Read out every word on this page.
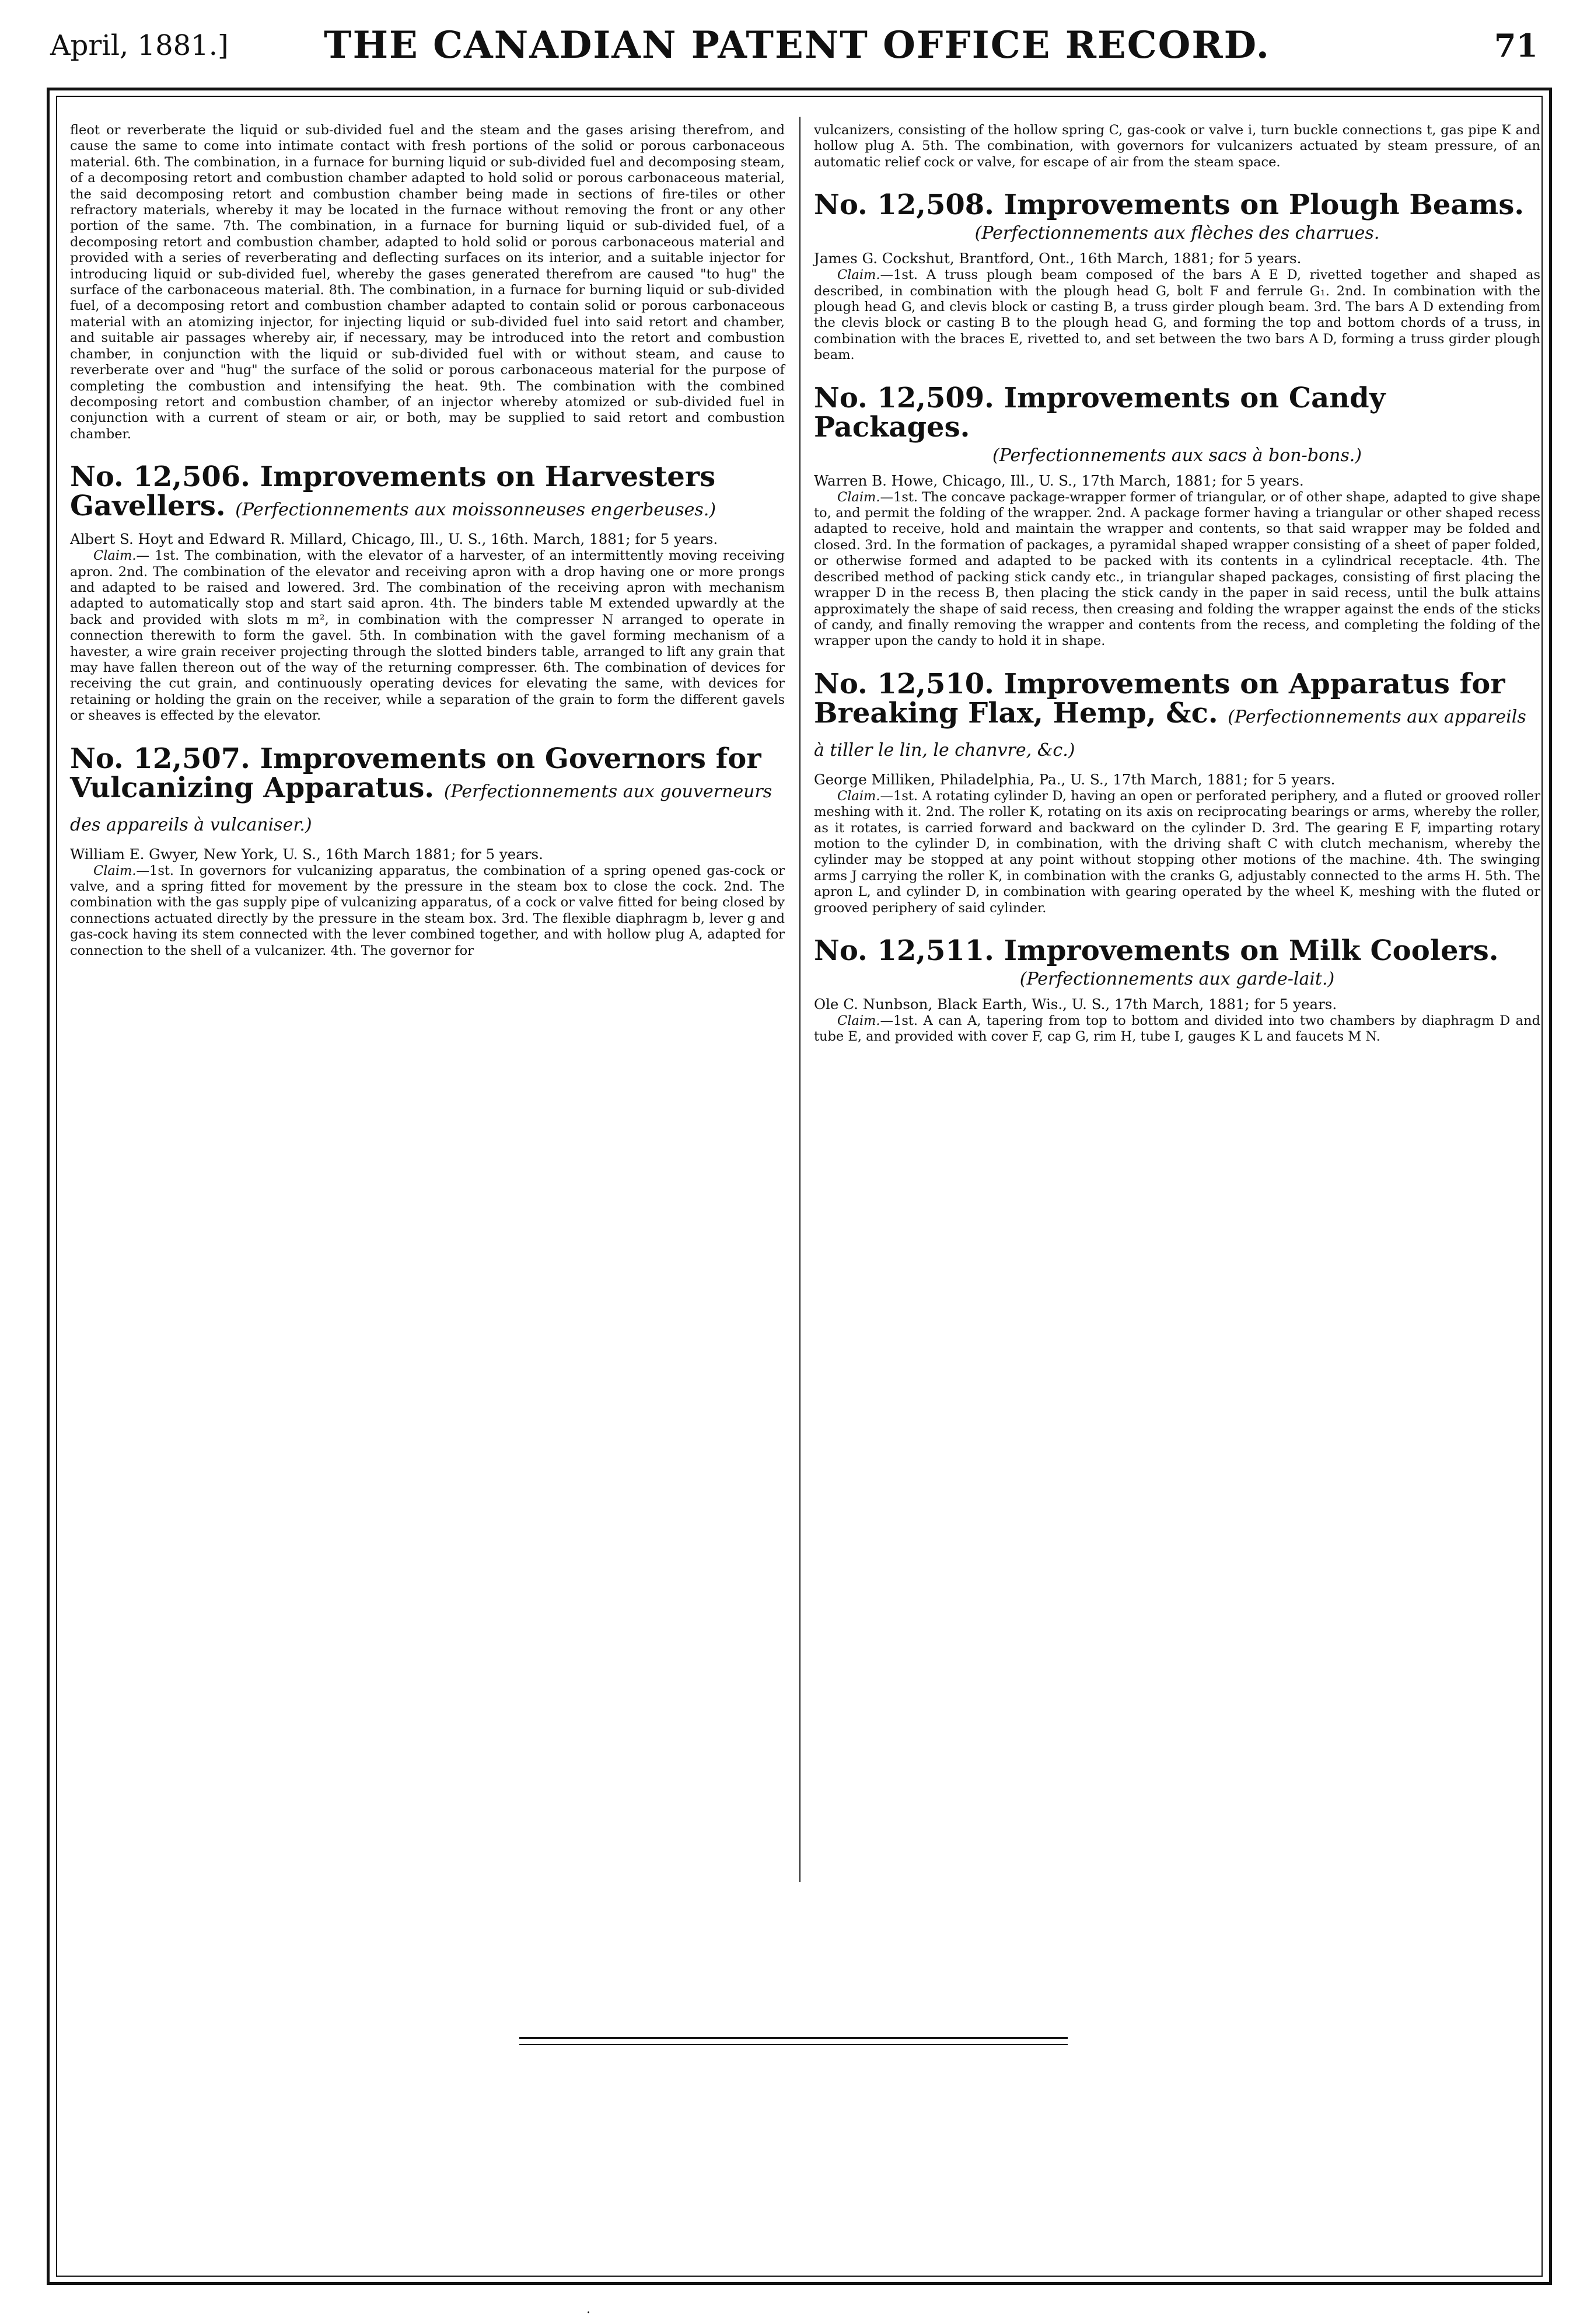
April, 1881.]	THE CANADIAN PATENT OFFICE RECORD.	71

fleot or reverberate the liquid or sub-divided fuel and the steam and the gases arising therefrom, and cause the same to come into intimate contact with fresh portions of the solid or porous carbonaceous material. 6th. The combination, in a furnace for burning liquid or sub-divided fuel and decomposing steam, of a decomposing retort and combustion chamber adapted to hold solid or porous carbonaceous material, the said decomposing retort and combustion chamber being made in sections of fire-tiles or other refractory materials, whereby it may be located in the furnace without removing the front or any other portion of the same. 7th. The combination, in a furnace for burning liquid or sub-divided fuel, of a decomposing retort and combustion chamber, adapted to hold solid or porous carbonaceous material and provided with a series of reverberating and deflecting surfaces on its interior, and a suitable injector for introducing liquid or sub-divided fuel, whereby the gases generated therefrom are caused "to hug" the surface of the carbonaceous material. 8th. The combination, in a furnace for burning liquid or sub-divided fuel, of a decomposing retort and combustion chamber adapted to contain solid or porous carbonaceous material with an atomizing injector, for injecting liquid or sub-divided fuel into said retort and chamber, and suitable air passages whereby air, if necessary, may be introduced into the retort and combustion chamber, in conjunction with the liquid or sub-divided fuel with or without steam, and cause to reverberate over and "hug" the surface of the solid or porous carbonaceous material for the purpose of completing the combustion and intensifying the heat. 9th. The combination with the combined decomposing retort and combustion chamber, of an injector whereby atomized or sub-divided fuel in conjunction with a current of steam or air, or both, may be supplied to said retort and combustion chamber.

No. 12,506. Improvements on Harvesters Gavellers. (Perfectionnements aux moissonneuses engerbeuses.)

Albert S. Hoyt and Edward R. Millard, Chicago, Ill., U. S., 16th. March, 1881; for 5 years.

Claim.— 1st. The combination, with the elevator of a harvester, of an intermittently moving receiving apron. 2nd. The combination of the elevator and receiving apron with a drop having one or more prongs and adapted to be raised and lowered. 3rd. The combination of the receiving apron with mechanism adapted to automatically stop and start said apron. 4th. The binders table M extended upwardly at the back and provided with slots m m², in combination with the compresser N arranged to operate in connection therewith to form the gavel. 5th. In combination with the gavel forming mechanism of a havester, a wire grain receiver projecting through the slotted binders table, arranged to lift any grain that may have fallen thereon out of the way of the returning compresser. 6th. The combination of devices for receiving the cut grain, and continuously operating devices for elevating the same, with devices for retaining or holding the grain on the receiver, while a separation of the grain to form the different gavels or sheaves is effected by the elevator.

No. 12,507. Improvements on Governors for Vulcanizing Apparatus. (Perfectionnements aux gouverneurs des appareils à vulcaniser.)

William E. Gwyer, New York, U. S., 16th March 1881; for 5 years.

Claim.—1st. In governors for vulcanizing apparatus, the combination of a spring opened gas-cock or valve, and a spring fitted for movement by the pressure in the steam box to close the cock. 2nd. The combination with the gas supply pipe of vulcanizing apparatus, of a cock or valve fitted for being closed by connections actuated directly by the pressure in the steam box. 3rd. The flexible diaphragm b, lever g and gas-cock having its stem connected with the lever combined together, and with hollow plug A, adapted for connection to the shell of a vulcanizer. 4th. The governor for

vulcanizers, consisting of the hollow spring C, gas-cook or valve i, turn buckle connections t, gas pipe K and hollow plug A. 5th. The combination, with governors for vulcanizers actuated by steam pressure, of an automatic relief cock or valve, for escape of air from the steam space.

No. 12,508. Improvements on Plough Beams.
(Perfectionnements aux flèches des charrues.

James G. Cockshut, Brantford, Ont., 16th March, 1881; for 5 years.

Claim.—1st. A truss plough beam composed of the bars A E D, rivetted together and shaped as described, in combination with the plough head G, bolt F and ferrule G₁. 2nd. In combination with the plough head G, and clevis block or casting B, a truss girder plough beam. 3rd. The bars A D extending from the clevis block or casting B to the plough head G, and forming the top and bottom chords of a truss, in combination with the braces E, rivetted to, and set between the two bars A D, forming a truss girder plough beam.

No. 12,509. Improvements on Candy Packages.
(Perfectionnements aux sacs à bon-bons.)

Warren B. Howe, Chicago, Ill., U. S., 17th March, 1881; for 5 years.

Claim.—1st. The concave package-wrapper former of triangular, or of other shape, adapted to give shape to, and permit the folding of the wrapper. 2nd. A package former having a triangular or other shaped recess adapted to receive, hold and maintain the wrapper and contents, so that said wrapper may be folded and closed. 3rd. In the formation of packages, a pyramidal shaped wrapper consisting of a sheet of paper folded, or otherwise formed and adapted to be packed with its contents in a cylindrical receptacle. 4th. The described method of packing stick candy etc., in triangular shaped packages, consisting of first placing the wrapper D in the recess B, then placing the stick candy in the paper in said recess, until the bulk attains approximately the shape of said recess, then creasing and folding the wrapper against the ends of the sticks of candy, and finally removing the wrapper and contents from the recess, and completing the folding of the wrapper upon the candy to hold it in shape.

No. 12,510. Improvements on Apparatus for Breaking Flax, Hemp, &c. (Perfectionnements aux appareils à tiller le lin, le chanvre, &c.)

George Milliken, Philadelphia, Pa., U. S., 17th March, 1881; for 5 years.

Claim.—1st. A rotating cylinder D, having an open or perforated periphery, and a fluted or grooved roller meshing with it. 2nd. The roller K, rotating on its axis on reciprocating bearings or arms, whereby the roller, as it rotates, is carried forward and backward on the cylinder D. 3rd. The gearing E F, imparting rotary motion to the cylinder D, in combination, with the driving shaft C with clutch mechanism, whereby the cylinder may be stopped at any point without stopping other motions of the machine. 4th. The swinging arms J carrying the roller K, in combination with the cranks G, adjustably connected to the arms H. 5th. The apron L, and cylinder D, in combination with gearing operated by the wheel K, meshing with the fluted or grooved periphery of said cylinder.

No. 12,511. Improvements on Milk Coolers.
(Perfectionnements aux garde-lait.)

Ole C. Nunbson, Black Earth, Wis., U. S., 17th March, 1881; for 5 years.

Claim.—1st. A can A, tapering from top to bottom and divided into two chambers by diaphragm D and tube E, and provided with cover F, cap G, rim H, tube I, gauges K L and faucets M N.

.
